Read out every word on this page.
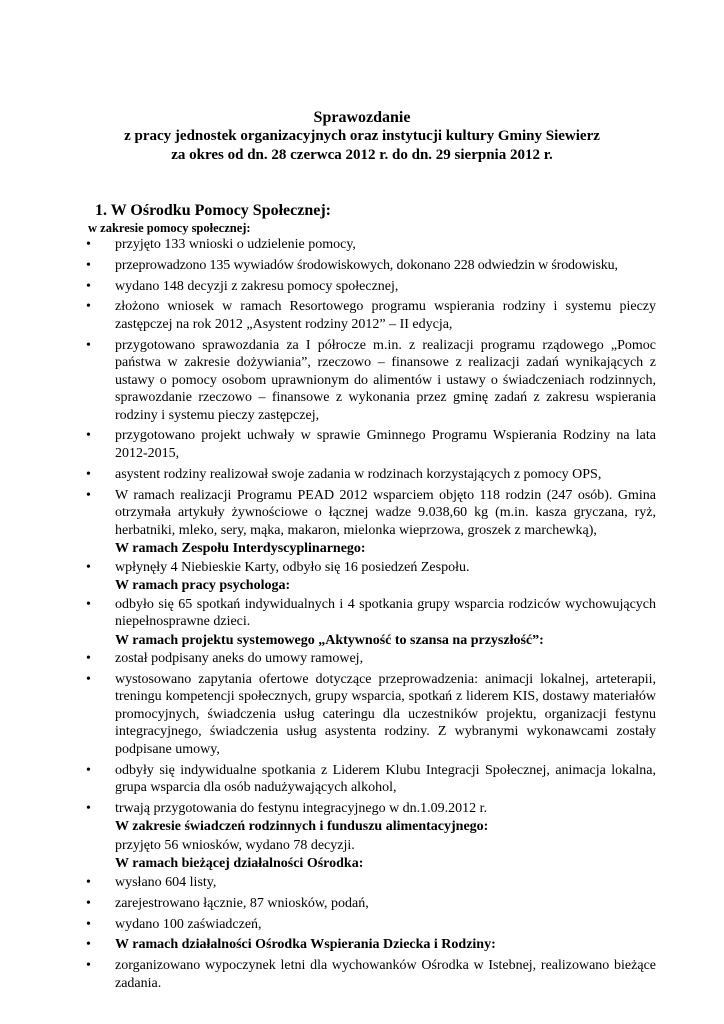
Sprawozdanie
z pracy jednostek organizacyjnych oraz instytucji kultury Gminy Siewierz
za okres od dn. 28 czerwca 2012 r. do dn. 29 sierpnia 2012 r.
1. W Ośrodku Pomocy Społecznej:
w zakresie pomocy społecznej:
•	przyjęto 133 wnioski o udzielenie pomocy,
•	przeprowadzono 135 wywiadów środowiskowych, dokonano 228 odwiedzin w środowisku,
•	wydano 148 decyzji z zakresu pomocy społecznej,
•	złożono wniosek w ramach Resortowego programu wspierania rodziny i systemu pieczy zastępczej na rok 2012 „Asystent rodziny 2012” – II edycja,
•	przygotowano sprawozdania za I półrocze m.in. z realizacji programu rządowego „Pomoc państwa w zakresie dożywiania”, rzeczowo – finansowe z realizacji zadań wynikających z ustawy o pomocy osobom uprawnionym do alimentów i ustawy o świadczeniach rodzinnych, sprawozdanie rzeczowo – finansowe z wykonania przez gminę zadań z zakresu wspierania rodziny i systemu pieczy zastępczej,
•	przygotowano projekt uchwały w sprawie Gminnego Programu Wspierania Rodziny na lata 2012-2015,
•	asystent rodziny realizował swoje zadania w rodzinach korzystających z pomocy OPS,
•	W ramach realizacji Programu PEAD 2012 wsparciem objęto 118 rodzin (247 osób). Gmina otrzymała artykuły żywnościowe o łącznej wadze 9.038,60 kg (m.in. kasza gryczana, ryż, herbatniki, mleko, sery, mąka, makaron, mielonka wieprzowa, groszek z marchewką),
W ramach Zespołu Interdyscyplinarnego:
•	wpłynęły 4 Niebieskie Karty, odbyło się 16 posiedzeń Zespołu.
W ramach pracy psychologa:
•	odbyło się 65 spotkań indywidualnych i 4 spotkania grupy wsparcia rodziców wychowujących niepełnosprawne dzieci.
W ramach projektu systemowego „Aktywność to szansa na przyszłość”:
•	został podpisany aneks do umowy ramowej,
•	wystosowano zapytania ofertowe dotyczące przeprowadzenia: animacji lokalnej, arteterapii, treningu kompetencji społecznych, grupy wsparcia, spotkań z liderem KIS, dostawy materiałów promocyjnych, świadczenia usług cateringu dla uczestników projektu, organizacji festynu integracyjnego, świadczenia usług asystenta rodziny. Z wybranymi wykonawcami zostały podpisane umowy,
•	odbyły się indywidualne spotkania z Liderem Klubu Integracji Społecznej, animacja lokalna, grupa wsparcia dla osób nadużywających alkohol,
•	trwają przygotowania do festynu integracyjnego w dn.1.09.2012 r.
W zakresie świadczeń rodzinnych i funduszu alimentacyjnego:
przyjęto 56 wniosków, wydano 78 decyzji.
W ramach bieżącej działalności Ośrodka:
•	wysłano 604 listy,
•	zarejestrowano łącznie, 87 wniosków, podań,
•	wydano 100 zaświadczeń,
•	W ramach działalności Ośrodka Wspierania Dziecka i Rodziny:
•	zorganizowano wypoczynek letni dla wychowanków Ośrodka w Istebnej, realizowano bieżące zadania.
